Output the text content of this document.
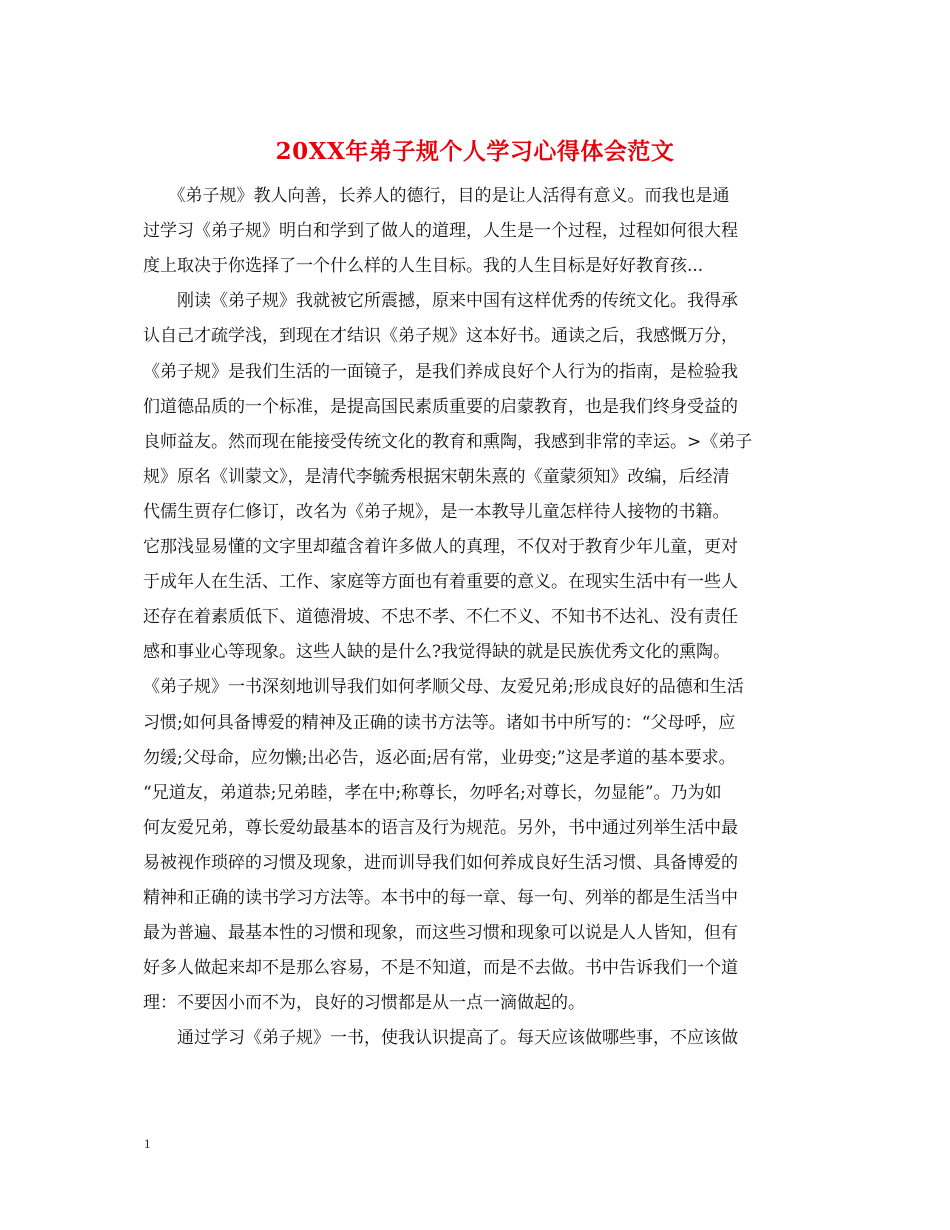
20XX年弟子规个人学习心得体会范文
　　《弟子规》教人向善，长养人的德行，目的是让人活得有意义。而我也是通
过学习《弟子规》明白和学到了做人的道理，人生是一个过程，过程如何很大程
度上取决于你选择了一个什么样的人生目标。我的人生目标是好好教育孩...
　　刚读《弟子规》我就被它所震撼，原来中国有这样优秀的传统文化。我得承
认自己才疏学浅，到现在才结识《弟子规》这本好书。通读之后，我感慨万分，
《弟子规》是我们生活的一面镜子，是我们养成良好个人行为的指南，是检验我
们道德品质的一个标准，是提高国民素质重要的启蒙教育，也是我们终身受益的
良师益友。然而现在能接受传统文化的教育和熏陶，我感到非常的幸运。>《弟子
规》原名《训蒙文》，是清代李毓秀根据宋朝朱熹的《童蒙须知》改编，后经清
代儒生贾存仁修订，改名为《弟子规》，是一本教导儿童怎样待人接物的书籍。
它那浅显易懂的文字里却蕴含着许多做人的真理，不仅对于教育少年儿童，更对
于成年人在生活、工作、家庭等方面也有着重要的意义。在现实生活中有一些人
还存在着素质低下、道德滑坡、不忠不孝、不仁不义、不知书不达礼、没有责任
感和事业心等现象。这些人缺的是什么?我觉得缺的就是民族优秀文化的熏陶。
《弟子规》一书深刻地训导我们如何孝顺父母、友爱兄弟;形成良好的品德和生活
习惯;如何具备博爱的精神及正确的读书方法等。诸如书中所写的：“父母呼，应
勿缓;父母命，应勿懒;出必告，返必面;居有常，业毋变;”这是孝道的基本要求。
“兄道友，弟道恭;兄弟睦，孝在中;称尊长，勿呼名;对尊长，勿显能”。乃为如
何友爱兄弟，尊长爱幼最基本的语言及行为规范。另外，书中通过列举生活中最
易被视作琐碎的习惯及现象，进而训导我们如何养成良好生活习惯、具备博爱的
精神和正确的读书学习方法等。本书中的每一章、每一句、列举的都是生活当中
最为普遍、最基本性的习惯和现象，而这些习惯和现象可以说是人人皆知，但有
好多人做起来却不是那么容易，不是不知道，而是不去做。书中告诉我们一个道
理：不要因小而不为，良好的习惯都是从一点一滴做起的。
　　通过学习《弟子规》一书，使我认识提高了。每天应该做哪些事，不应该做
1
